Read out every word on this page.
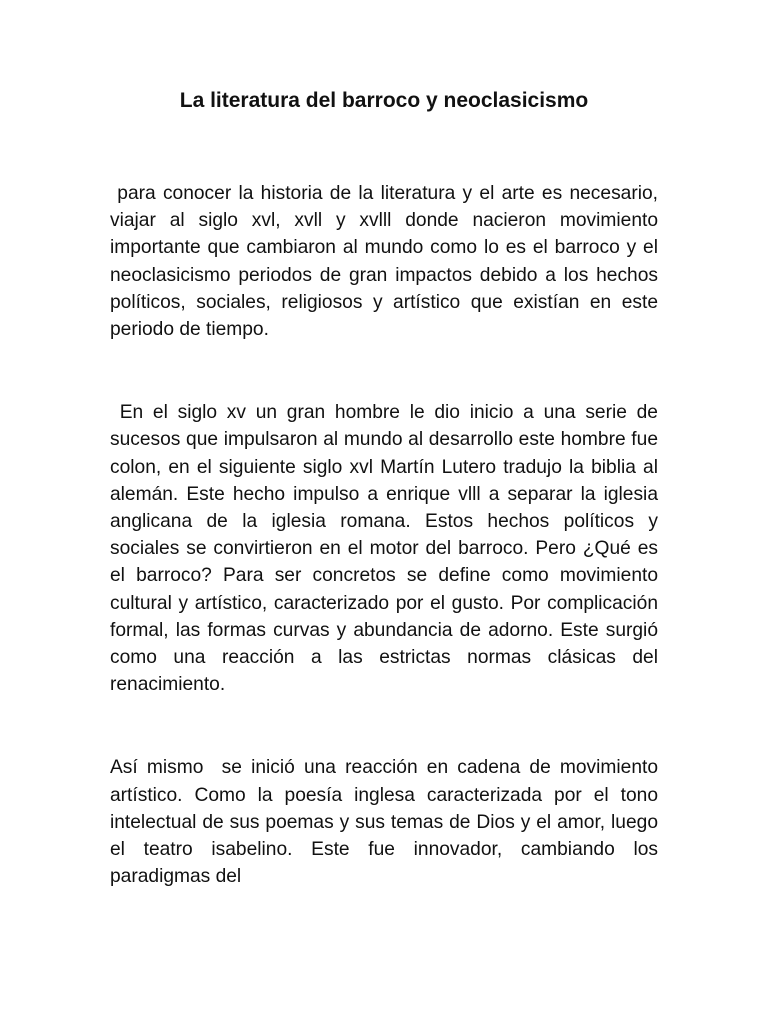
La literatura del barroco y neoclasicismo

para conocer la historia de la literatura y el arte es necesario, viajar al siglo xvl, xvll y xvlll donde nacieron movimiento importante que cambiaron al mundo como lo es el barroco y el neoclasicismo periodos de gran impactos debido a los hechos políticos, sociales, religiosos y artístico que existían en este periodo de tiempo.

En el siglo xv un gran hombre le dio inicio a una serie de sucesos que impulsaron al mundo al desarrollo este hombre fue colon, en el siguiente siglo xvl Martín Lutero tradujo la biblia al alemán. Este hecho impulso a enrique vlll a separar la iglesia anglicana de la iglesia romana. Estos hechos políticos y sociales se convirtieron en el motor del barroco. Pero ¿Qué es el barroco? Para ser concretos se define como movimiento cultural y artístico, caracterizado por el gusto. Por complicación formal, las formas curvas y abundancia de adorno. Este surgió como una reacción a las estrictas normas clásicas del renacimiento.

Así mismo  se inició una reacción en cadena de movimiento artístico. Como la poesía inglesa caracterizada por el tono intelectual de sus poemas y sus temas de Dios y el amor, luego el teatro isabelino. Este fue innovador, cambiando los paradigmas del
